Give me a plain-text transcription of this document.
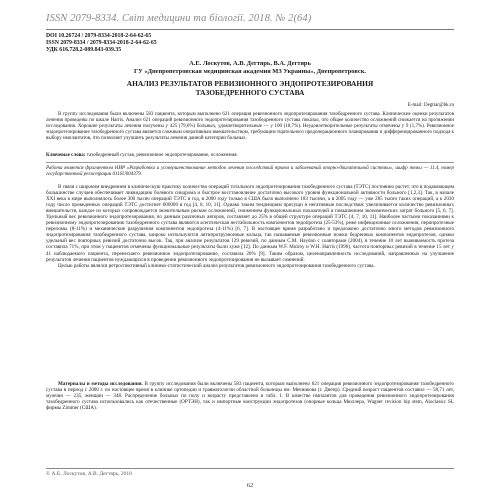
ISSN 2079-8334. Світ медицини та біології. 2018. № 2(64)
DOI 10.26724 / 2079-8334-2018-2-64-62-65
ISSN 2079-8334 / 2079-8334-2018-2-64-62-65
УДК 616.728.2-089.843-039.35
А.Е. Лоскутов, А.В. Дегтярь, В.А. Дегтярь
ГУ «Днепропетровская медицинская академия МЗ Украины», Днепропетровск.
АНАЛИЗ РЕЗУЛЬТАТОВ РЕВИЗИОННОГО ЭНДОПРОТЕЗИРОВАНИЯ
ТАЗОБЕДРЕННОГО СУСТАВА
E-mail: Degtiar@bk.ru
В группу исследования были включены 583 пациента, которым выполнено 621 операция ревизионного эндопротезирования тазобедренного сустава. Клинические оценки результатов лечения проведены по шкале Harris. Анализ 621 операций ревизионного эндопротезирования тазобедренного сустава показал, что общее количество осложнений снижается на протяжении исследования. Хорошие результаты лечения получены у 425 (79,6%) больных, удовлетворительные — у 100 (18,7%). Неудовлетворительные результаты отмечены у 9 (1,7%). Ревизионное эндопротезирование тазобедренного сустава является сложным оперативным вмешательством, требующим тщательного предоперационного планирования и дифференцированного подхода к выбору имплантатов, что позволяет улучшить результаты лечения данной категории больных.
Ключевые слова: тазобедренный сустав, ревизионное эндопротезирование, осложнения.
Работа является фрагментом НИР «Разработка и усовершенствование методов лечения последствий травм и заболеваний опорно-двигательной системы», шифр темы — 11.4, номер государственной регистрации 0116U004379.

В связи с широким внедрением в клиническую практику количество операций тотального эндопротезирования тазобедренного сустава (ТЭТС) постоянно растет, что в подавляющем большинстве случаев обеспечивает ликвидацию болевого синдрома и быстрое восстановление достаточно высокого уровня функциональной активности больного [1,2,3]. Так, в начале XXI века в мире выполнялось более 300 тысяч операций ТЭТС в год, в 2000 году только в США было выполнено 183 тысячи, а в 2005 году — уже 285 тысяч таких операций, а к 2030 году число проведенных операций ТЭТС достигнет 600000 в год [4, 8, 10, 11]. Однако таким тенденциям присущи и негативные последствия: увеличивается количество ревизионных вмешательств, каждое из которых сопровождается значительным риском осложнений, снижением функциональных показателей и повышением экономических затрат больного [5, 6, 7]. Удельный вес ревизионного эндопротезирования, по данным различных авторов, составляет до 25% в общей структуре операций ТЭТС [4, 7, 10, 11]. Наиболее частыми показаниями к ревизионному эндопротезированию тазобедренного сустава являются асептическая нестабильность компонентов эндопротеза (25-53%), реже инфекционные осложнения, перипротезные переломы (8-11%) и механические разрушения компонентов эндопротеза (4-11%) [6, 7]. В настоящее время разработано и предложено достаточно много методов ревизионного эндопротезирования тазобедренного сустава, широко используются антипротрузионные кольца, так называемые ревизионные ножки бедренных компонентов эндопротезов, однако удельный вес повторных ревизий достаточно высок. Так, при анализе результатов 129 ревизий, по данным С.М. Haydon с соавторами (2004), в течение 10 лет выживаемость протеза составила 71%, при этом у пациентов отмечены функциональные результаты были хуже [12]. По данным W.F. Mulroy и W.H. Harris (1996), частота повторных ревизий в течение 15 лет у 41 наблюдаемого пациента, перенесшего ревизионное эндопротезирование, составила 20% [9]. Таким образом, целенаправленность исследований, направленных на улучшение результатов лечения пациентов нуждающихся в проведении ревизионного эндопротезирования не вызывает сомнений.

Целью работы являлся ретроспективный клинико-статистический анализ результатов ревизионного эндопротезирования тазобедренного сустава.

Материалы и методы исследования. В группу исследования были включены 583 пациента, которым выполнено 621 операция ревизионного эндопротезирования тазобедренного сустава в период с 2000 г. по настоящее время в клинике ортопедии и травматологии областной больницы им. Мечникова (г. Днепр). Средний возраст пациентов составил — 58,71 лет, мужчин — 235, женщин — 348. Распределение больных по полу и возрасту представлено в табл. 1. В качестве имплантов для проведения ревизионного эндопротезирования тазобедренного сустава использовались как отечественные (ОРТЭН), так и импортные конструкции эндопротезов (опорные кольца Мюллера, Wagner revision hip stem, Aloclassic SL фирмы Zimmer (США).

© А.Е. Лоскутов, А.В. Дегтярь, 2018
62
